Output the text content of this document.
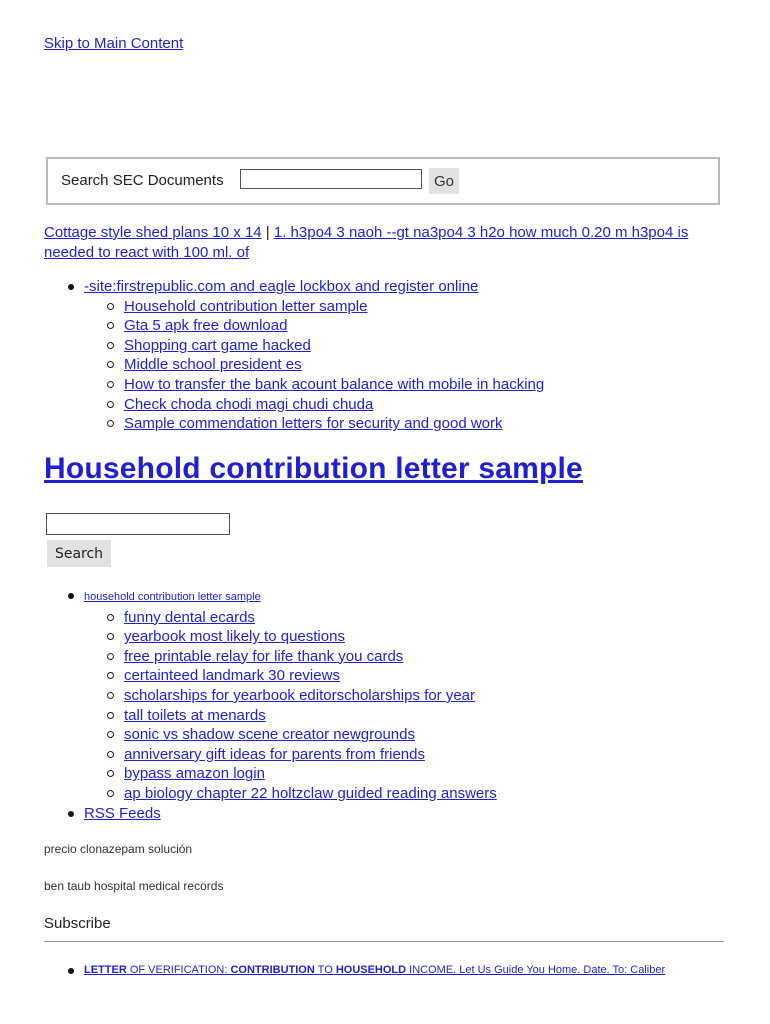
Skip to Main Content
Search SEC Documents	Go
Cottage style shed plans 10 x 14 | 1. h3po4 3 naoh --gt na3po4 3 h2o how much 0.20 m h3po4 is needed to react with 100 ml. of
-site:firstrepublic.com and eagle lockbox and register online
Household contribution letter sample
Gta 5 apk free download
Shopping cart game hacked
Middle school president es
How to transfer the bank acount balance with mobile in hacking
Check choda chodi magi chudi chuda
Sample commendation letters for security and good work
Household contribution letter sample
Search
household contribution letter sample
funny dental ecards
yearbook most likely to questions
free printable relay for life thank you cards
certainteed landmark 30 reviews
scholarships for yearbook editorscholarships for year
tall toilets at menards
sonic vs shadow scene creator newgrounds
anniversary gift ideas for parents from friends
bypass amazon login
ap biology chapter 22 holtzclaw guided reading answers
RSS Feeds
precio clonazepam solución
ben taub hospital medical records
Subscribe
LETTER OF VERIFICATION: CONTRIBUTION TO HOUSEHOLD INCOME. Let Us Guide You Home. Date. To: Caliber
